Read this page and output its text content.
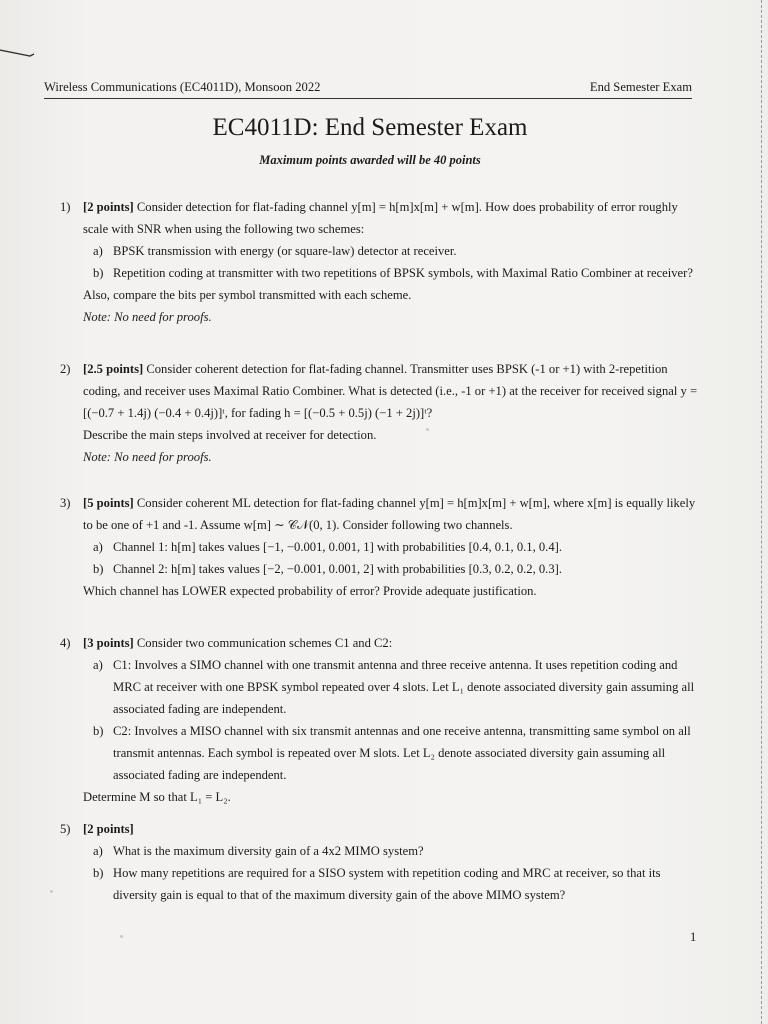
Wireless Communications (EC4011D), Monsoon 2022	End Semester Exam
EC4011D: End Semester Exam
Maximum points awarded will be 40 points
1) [2 points] Consider detection for flat-fading channel y[m] = h[m]x[m] + w[m]. How does probability of error roughly scale with SNR when using the following two schemes:

a) BPSK transmission with energy (or square-law) detector at receiver.
b) Repetition coding at transmitter with two repetitions of BPSK symbols, with Maximal Ratio Combiner at receiver?

Also, compare the bits per symbol transmitted with each scheme.

Note: No need for proofs.

2) [2.5 points] Consider coherent detection for flat-fading channel. Transmitter uses BPSK (-1 or +1) with 2-repetition coding, and receiver uses Maximal Ratio Combiner. What is detected (i.e., -1 or +1) at the receiver for received signal y = [(−0.7 + 1.4j) (−0.4 + 0.4j)]ᵗ, for fading h = [(−0.5 + 0.5j) (−1 + 2j)]ᵗ?

Describe the main steps involved at receiver for detection.

Note: No need for proofs.

3) [5 points] Consider coherent ML detection for flat-fading channel y[m] = h[m]x[m] + w[m], where x[m] is equally likely to be one of +1 and -1. Assume w[m] ∼ 𝒞𝒩(0, 1). Consider following two channels.

a) Channel 1: h[m] takes values [−1, −0.001, 0.001, 1] with probabilities [0.4, 0.1, 0.1, 0.4].
b) Channel 2: h[m] takes values [−2, −0.001, 0.001, 2] with probabilities [0.3, 0.2, 0.2, 0.3].

Which channel has LOWER expected probability of error? Provide adequate justification.

4) [3 points] Consider two communication schemes C1 and C2:

a) C1: Involves a SIMO channel with one transmit antenna and three receive antenna. It uses repetition coding and MRC at receiver with one BPSK symbol repeated over 4 slots. Let L₁ denote associated diversity gain assuming all associated fading are independent.
b) C2: Involves a MISO channel with six transmit antennas and one receive antenna, transmitting same symbol on all transmit antennas. Each symbol is repeated over M slots. Let L₂ denote associated diversity gain assuming all associated fading are independent.

Determine M so that L₁ = L₂.

5) [2 points]

a) What is the maximum diversity gain of a 4x2 MIMO system?
b) How many repetitions are required for a SISO system with repetition coding and MRC at receiver, so that its diversity gain is equal to that of the maximum diversity gain of the above MIMO system?
1
